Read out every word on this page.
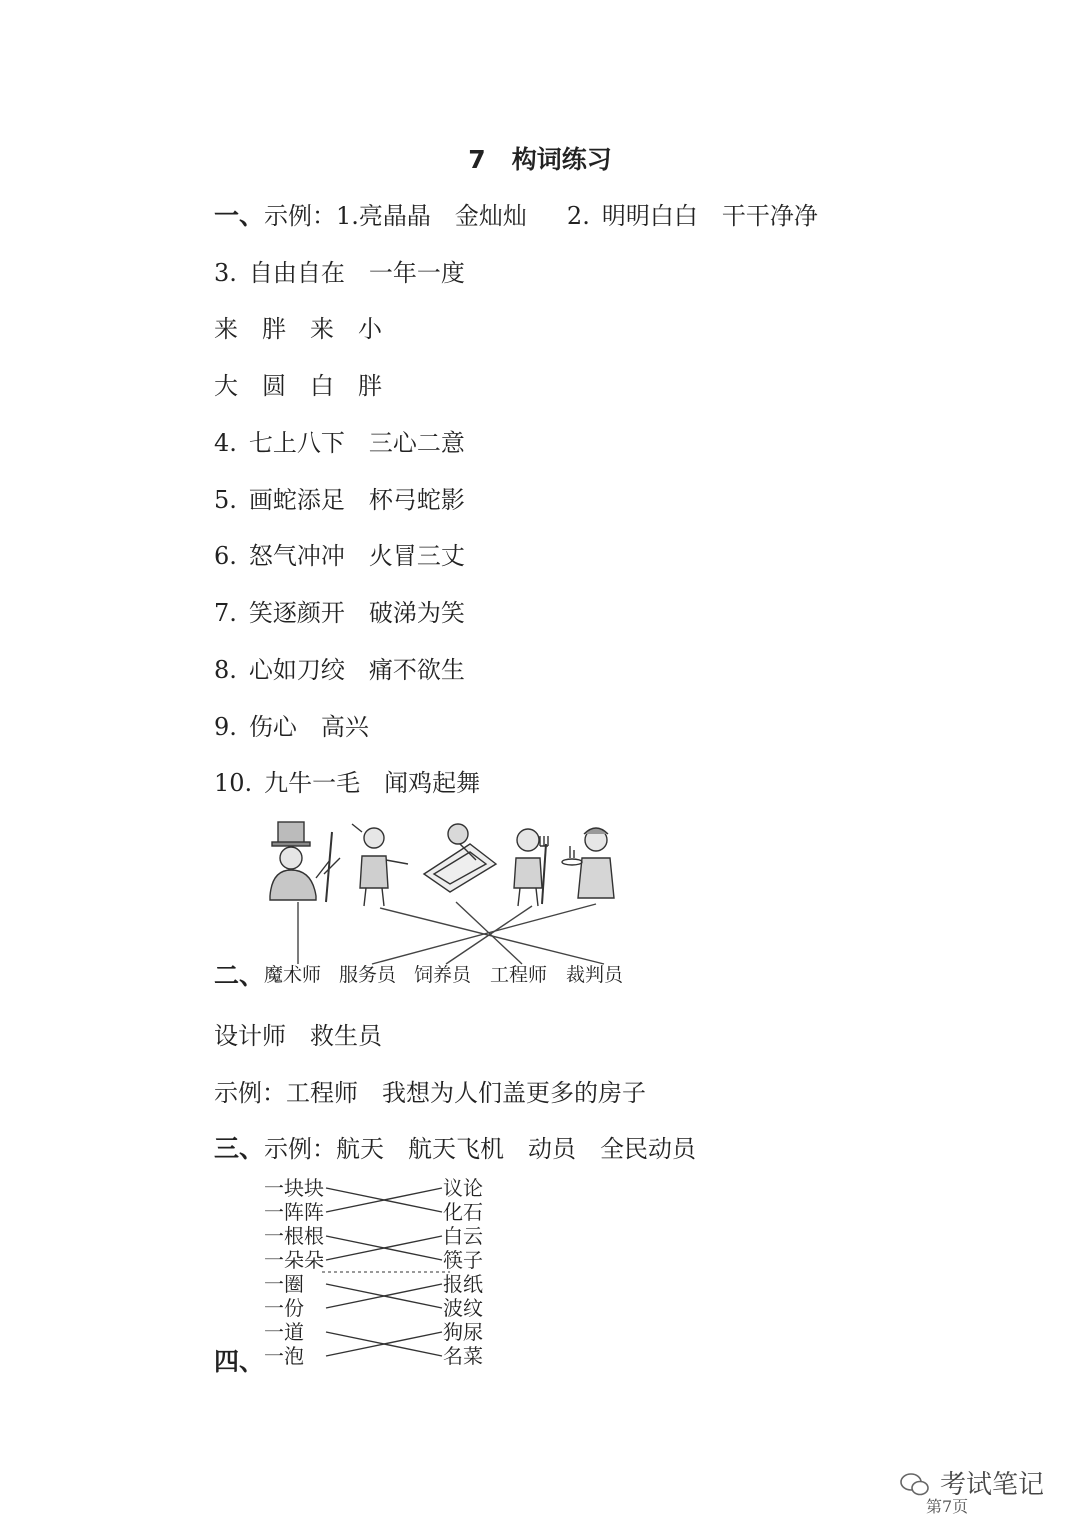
7 构词练习
一、示例：1.亮晶晶 金灿灿 2. 明明白白 干干净净
3. 自由自在 一年一度
来 胖 来 小
大 圆 白 胖
4. 七上八下 三心二意
5. 画蛇添足 杯弓蛇影
6. 怒气冲冲 火冒三丈
7. 笑逐颜开 破涕为笑
8. 心如刀绞 痛不欲生
9. 伤心 高兴
10. 九牛一毛 闻鸡起舞
二、 魔术师 服务员 饲养员 工程师 裁判员
设计师 救生员
示例：工程师 我想为人们盖更多的房子
三、示例：航天 航天飞机 动员 全民动员
一块块	议论
一阵阵	化石
一根根	白云
一朵朵	筷子
一圈	报纸
一份	波纹
一道	狗尿
一泡	名菜
四、
考试笔记
第7页
